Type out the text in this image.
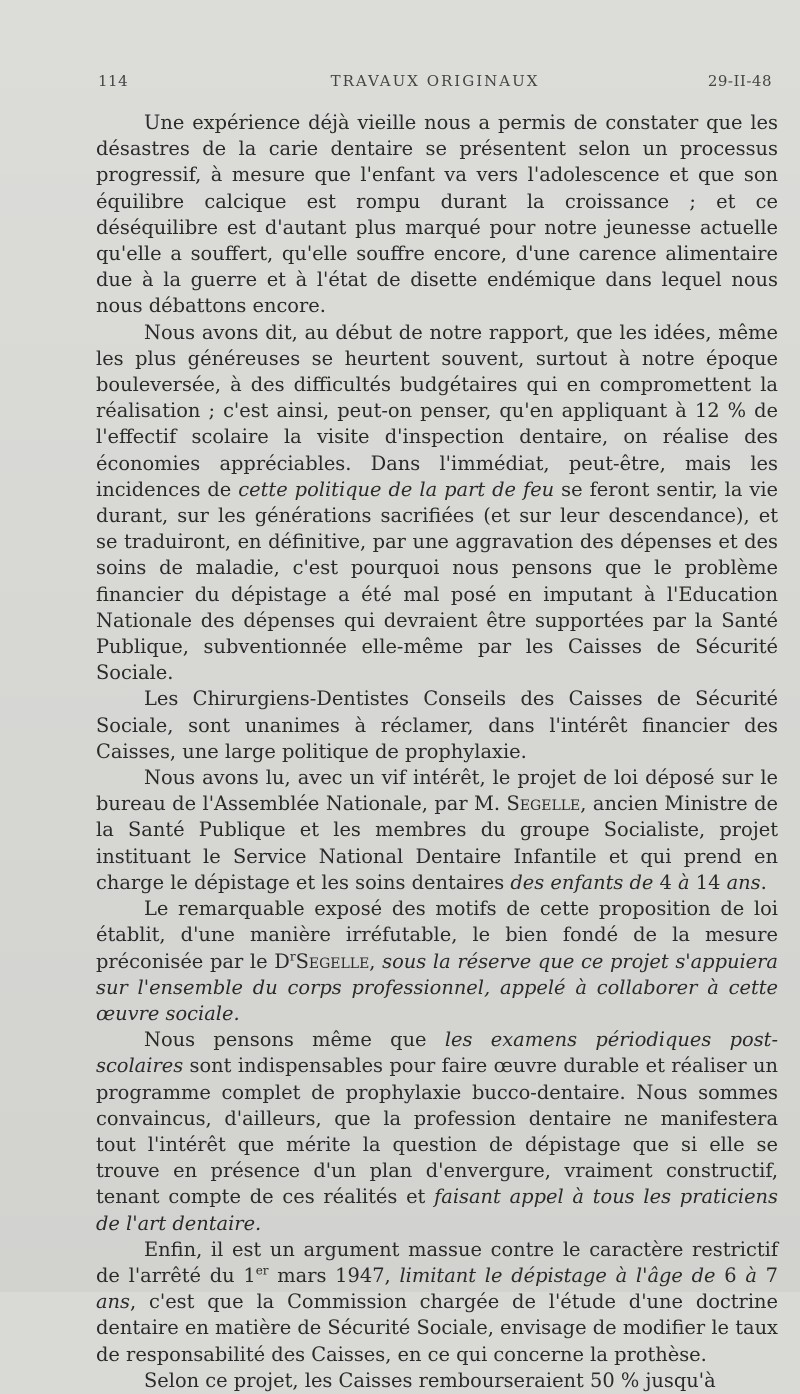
114	TRAVAUX ORIGINAUX	29-II-48

Une expérience déjà vieille nous a permis de constater que les désastres de la carie dentaire se présentent selon un processus progressif, à mesure que l'enfant va vers l'adolescence et que son équilibre calcique est rompu durant la croissance ; et ce déséquilibre est d'autant plus marqué pour notre jeunesse actuelle qu'elle a souffert, qu'elle souffre encore, d'une carence alimentaire due à la guerre et à l'état de disette endémique dans lequel nous nous débattons encore.

Nous avons dit, au début de notre rapport, que les idées, même les plus généreuses se heurtent souvent, surtout à notre époque bouleversée, à des difficultés budgétaires qui en compromettent la réalisation ; c'est ainsi, peut-on penser, qu'en appliquant à 12 % de l'effectif scolaire la visite d'inspection dentaire, on réalise des économies appréciables. Dans l'immédiat, peut-être, mais les incidences de cette politique de la part de feu se feront sentir, la vie durant, sur les générations sacrifiées (et sur leur descendance), et se traduiront, en définitive, par une aggravation des dépenses et des soins de maladie, c'est pourquoi nous pensons que le problème financier du dépistage a été mal posé en imputant à l'Education Nationale des dépenses qui devraient être supportées par la Santé Publique, subventionnée elle-même par les Caisses de Sécurité Sociale.

Les Chirurgiens-Dentistes Conseils des Caisses de Sécurité Sociale, sont unanimes à réclamer, dans l'intérêt financier des Caisses, une large politique de prophylaxie.

Nous avons lu, avec un vif intérêt, le projet de loi déposé sur le bureau de l'Assemblée Nationale, par M. Segelle, ancien Ministre de la Santé Publique et les membres du groupe Socialiste, projet instituant le Service National Dentaire Infantile et qui prend en charge le dépistage et les soins dentaires des enfants de 4 à 14 ans.

Le remarquable exposé des motifs de cette proposition de loi établit, d'une manière irréfutable, le bien fondé de la mesure préconisée par le $D^rSegelle$, sous la réserve que ce projet s'appuiera sur l'ensemble du corps professionnel, appelé à collaborer à cette œuvre sociale.

Nous pensons même que les examens périodiques post-scolaires sont indispensables pour faire œuvre durable et réaliser un programme complet de prophylaxie bucco-dentaire. Nous sommes convaincus, d'ailleurs, que la profession dentaire ne manifestera tout l'intérêt que mérite la question de dépistage que si elle se trouve en présence d'un plan d'envergure, vraiment constructif, tenant compte de ces réalités et faisant appel à tous les praticiens de l'art dentaire.

Enfin, il est un argument massue contre le caractère restrictif de l'arrêté du 1er mars 1947, limitant le dépistage à l'âge de 6 à 7 ans, c'est que la Commission chargée de l'étude d'une doctrine dentaire en matière de Sécurité Sociale, envisage de modifier le taux de responsabilité des Caisses, en ce qui concerne la prothèse.

Selon ce projet, les Caisses rembourseraient 50 % jusqu'à
